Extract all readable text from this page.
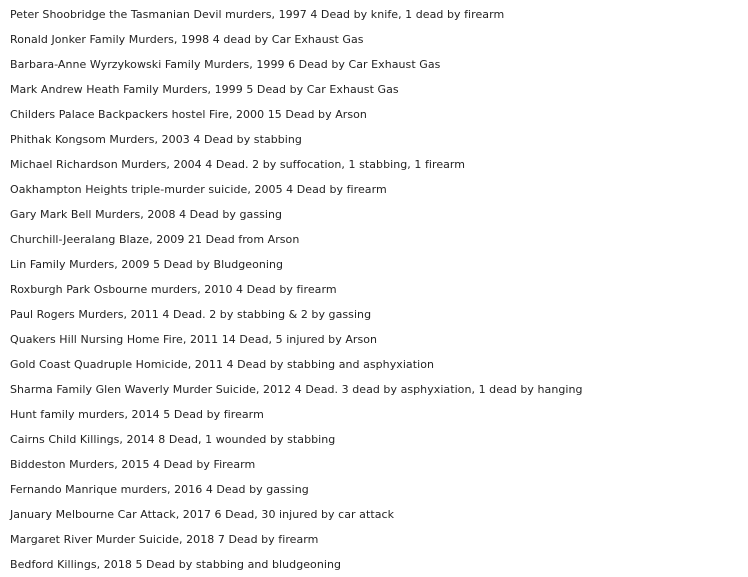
Peter Shoobridge the Tasmanian Devil murders, 1997 4 Dead by knife, 1 dead by firearm
Ronald Jonker Family Murders, 1998 4 dead by Car Exhaust Gas
Barbara-Anne Wyrzykowski Family Murders, 1999 6 Dead by Car Exhaust Gas
Mark Andrew Heath Family Murders, 1999 5 Dead by Car Exhaust Gas
Childers Palace Backpackers hostel Fire, 2000 15 Dead by Arson
Phithak Kongsom Murders, 2003 4 Dead by stabbing
Michael Richardson Murders, 2004 4 Dead. 2 by suffocation, 1 stabbing, 1 firearm
Oakhampton Heights triple-murder suicide, 2005 4 Dead by firearm
Gary Mark Bell Murders, 2008 4 Dead by gassing
Churchill-Jeeralang Blaze, 2009 21 Dead from Arson
Lin Family Murders, 2009 5 Dead by Bludgeoning
Roxburgh Park Osbourne murders, 2010 4 Dead by firearm
Paul Rogers Murders, 2011 4 Dead. 2 by stabbing & 2 by gassing
Quakers Hill Nursing Home Fire, 2011 14 Dead, 5 injured by Arson
Gold Coast Quadruple Homicide, 2011 4 Dead by stabbing and asphyxiation
Sharma Family Glen Waverly Murder Suicide, 2012 4 Dead. 3 dead by asphyxiation, 1 dead by hanging
Hunt family murders, 2014 5 Dead by firearm
Cairns Child Killings, 2014 8 Dead, 1 wounded by stabbing
Biddeston Murders, 2015 4 Dead by Firearm
Fernando Manrique murders, 2016 4 Dead by gassing
January Melbourne Car Attack, 2017 6 Dead, 30 injured by car attack
Margaret River Murder Suicide, 2018 7 Dead by firearm
Bedford Killings, 2018 5 Dead by stabbing and bludgeoning
